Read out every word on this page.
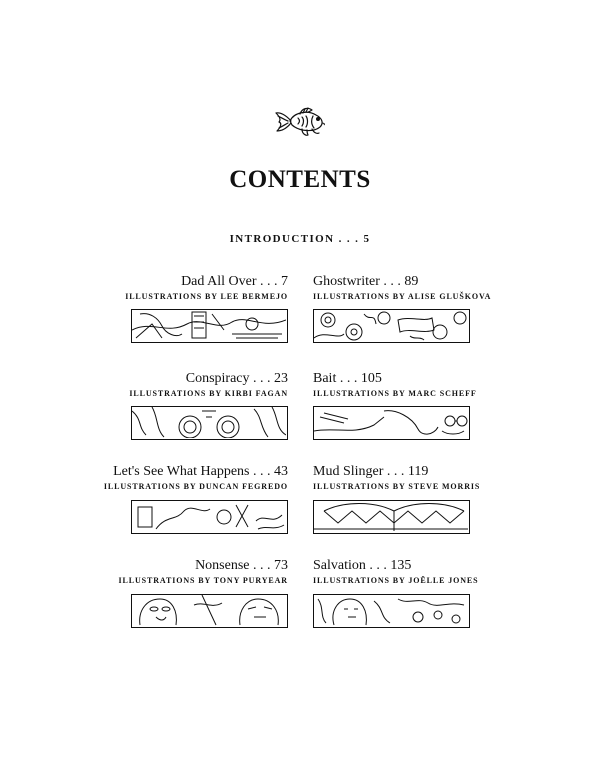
CONTENTS
INTRODUCTION . . . 5
Dad All Over . . . 7
ILLUSTRATIONS BY LEE BERMEJO
Ghostwriter . . . 89
ILLUSTRATIONS BY ALISE GLUŠKOVA
Conspiracy . . . 23
ILLUSTRATIONS BY KIRBI FAGAN
Bait . . . 105
ILLUSTRATIONS BY MARC SCHEFF
Let's See What Happens . . . 43
ILLUSTRATIONS BY DUNCAN FEGREDO
Mud Slinger . . . 119
ILLUSTRATIONS BY STEVE MORRIS
Nonsense . . . 73
ILLUSTRATIONS BY TONY PURYEAR
Salvation . . . 135
ILLUSTRATIONS BY JOËLLE JONES
